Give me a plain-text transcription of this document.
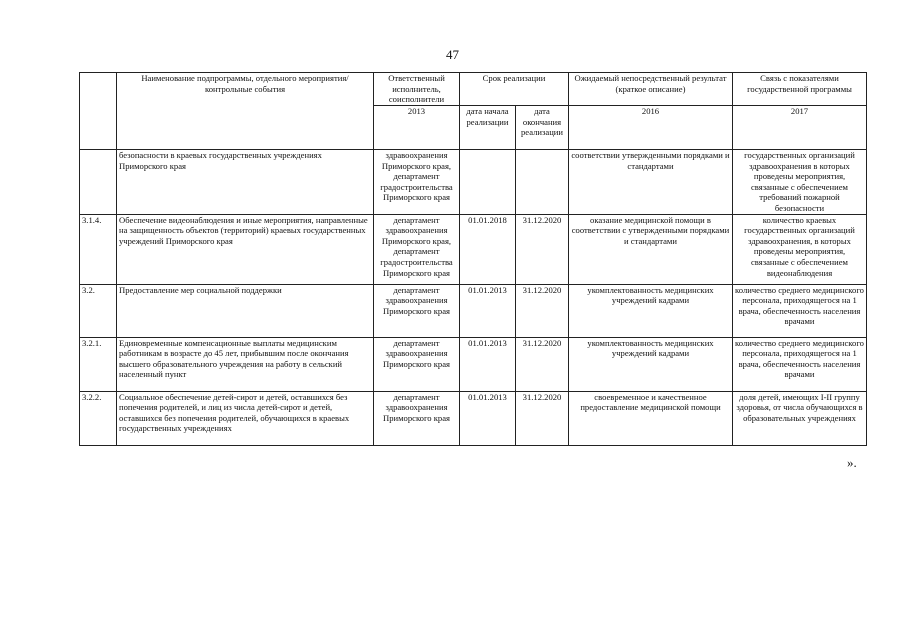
47
	Наименование подпрограммы, отдельного мероприятия/контрольные события	Ответственный исполнитель, соисполнители	Срок реализации		Ожидаемый непосредственный результат (краткое описание)	Связь с показателями государственной программы
		2013	дата начала реализации	дата окончания реализации	2016	2017
	безопасности в краевых государственных учреждениях Приморского края	здравоохранения Приморского края, департамент градостроительства Приморского края			соответствии утвержденными порядками и стандартами	государственных организаций здравоохранения в которых проведены мероприятия, связанные с обеспечением требований пожарной безопасности
3.1.4.	Обеспечение видеонаблюдения и иные мероприятия, направленные на защищенность объектов (территорий) краевых государственных учреждений Приморского края	департамент здравоохранения Приморского края, департамент градостроительства Приморского края	01.01.2018	31.12.2020	оказание медицинской помощи в соответствии с утвержденными порядками и стандартами	количество краевых государственных организаций здравоохранения, в которых проведены мероприятия, связанные с обеспечением видеонаблюдения
3.2.	Предоставление мер социальной поддержки	департамент здравоохранения Приморского края	01.01.2013	31.12.2020	укомплектованность медицинских учреждений кадрами	количество среднего медицинского персонала, приходящегося на 1 врача, обеспеченность населения врачами
3.2.1.	Единовременные компенсационные выплаты медицинским работникам в возрасте до 45 лет, прибывшим после окончания высшего образовательного учреждения на работу в сельский населенный пункт	департамент здравоохранения Приморского края	01.01.2013	31.12.2020	укомплектованность медицинских учреждений кадрами	количество среднего медицинского персонала, приходящегося на 1 врача, обеспеченность населения врачами
3.2.2.	Социальное обеспечение детей-сирот и детей, оставшихся без попечения родителей, и лиц из числа детей-сирот и детей, оставшихся без попечения родителей, обучающихся в краевых государственных учреждениях	департамент здравоохранения Приморского края	01.01.2013	31.12.2020	своевременное и качественное предоставление медицинской помощи	доля детей, имеющих I-II группу здоровья, от числа обучающихся в образовательных учреждениях
».
